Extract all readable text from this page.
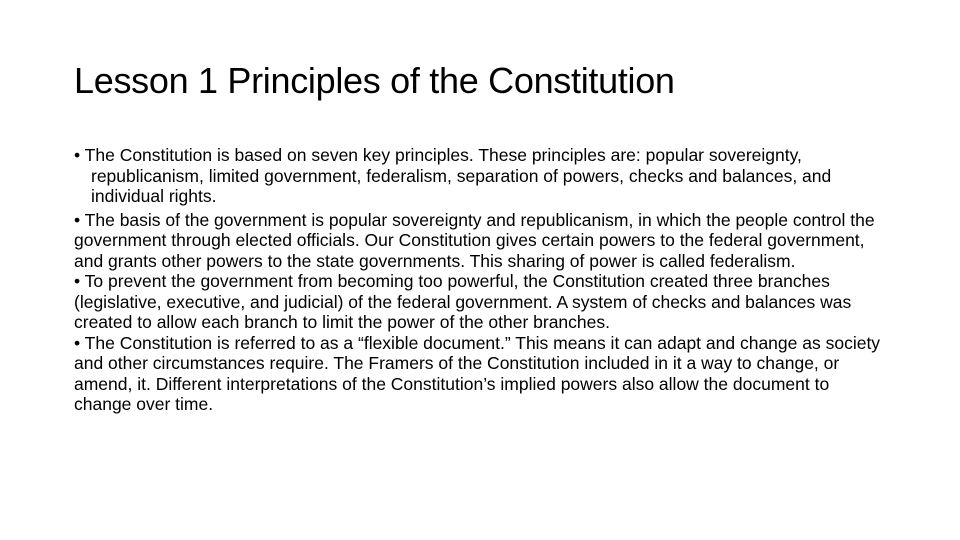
Lesson 1 Principles of the Constitution

• The Constitution is based on seven key principles. These principles are: popular sovereignty, republicanism, limited government, federalism, separation of powers, checks and balances, and individual rights.

• The basis of the government is popular sovereignty and republicanism, in which the people control the government through elected officials. Our Constitution gives certain powers to the federal government, and grants other powers to the state governments. This sharing of power is called federalism.

• To prevent the government from becoming too powerful, the Constitution created three branches (legislative, executive, and judicial) of the federal government. A system of checks and balances was created to allow each branch to limit the power of the other branches.

• The Constitution is referred to as a “flexible document.” This means it can adapt and change as society and other circumstances require. The Framers of the Constitution included in it a way to change, or amend, it. Different interpretations of the Constitution’s implied powers also allow the document to change over time.
